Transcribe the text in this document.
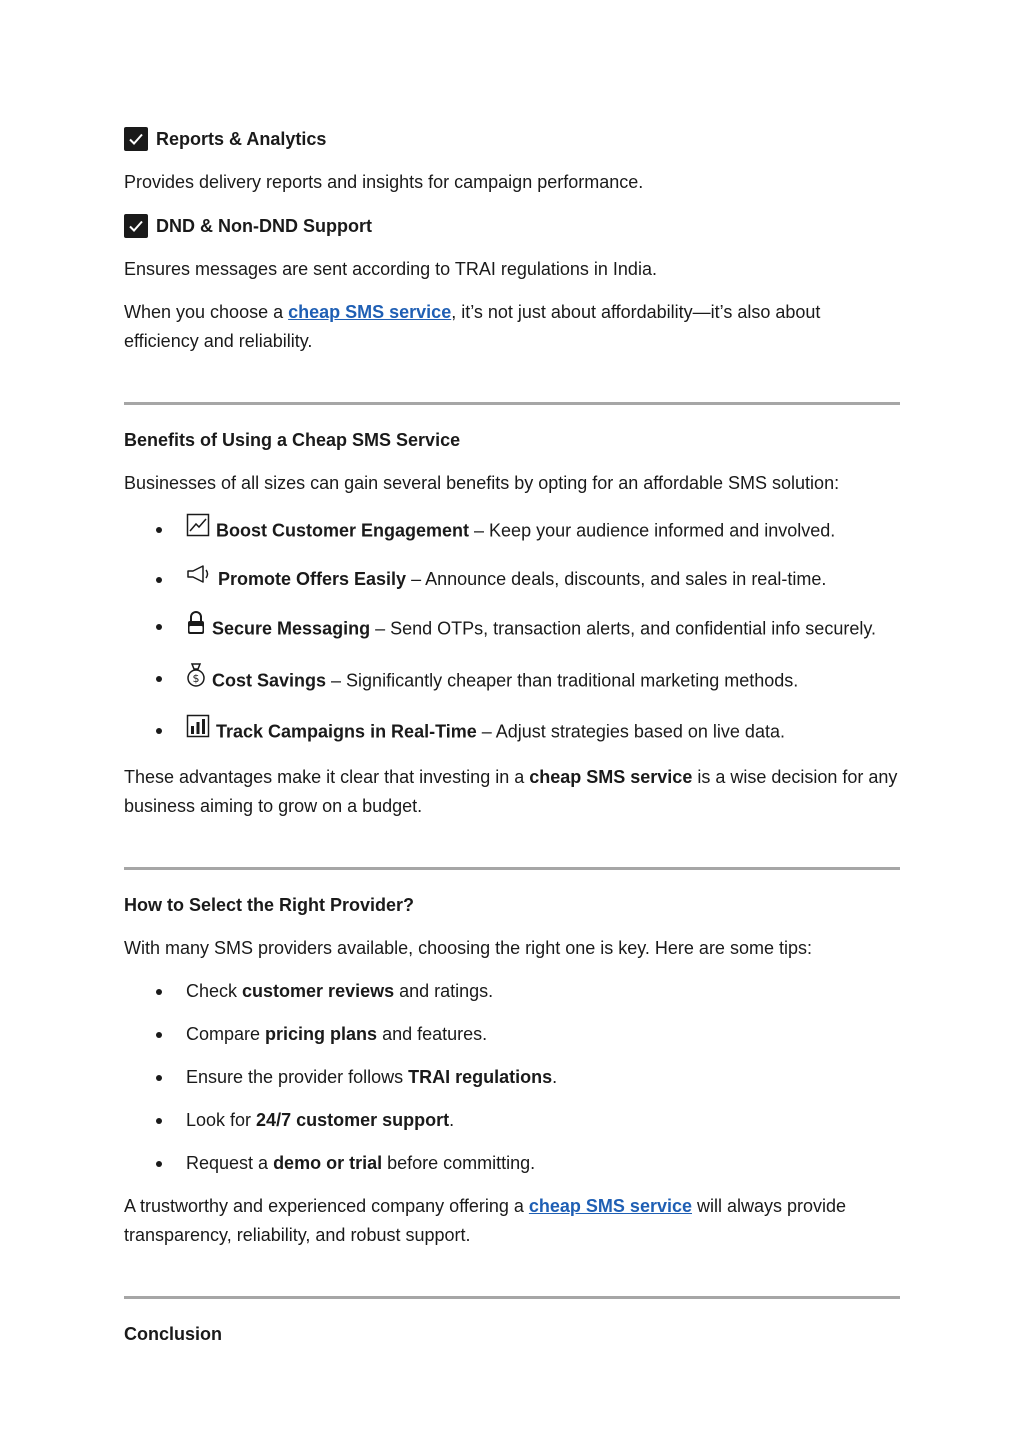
Reports & Analytics

Provides delivery reports and insights for campaign performance.

DND & Non-DND Support

Ensures messages are sent according to TRAI regulations in India.

When you choose a cheap SMS service, it’s not just about affordability—it’s also about efficiency and reliability.

Benefits of Using a Cheap SMS Service

Businesses of all sizes can gain several benefits by opting for an affordable SMS solution:

Boost Customer Engagement – Keep your audience informed and involved.
Promote Offers Easily – Announce deals, discounts, and sales in real-time.
Secure Messaging – Send OTPs, transaction alerts, and confidential info securely.
$ Cost Savings – Significantly cheaper than traditional marketing methods.
Track Campaigns in Real-Time – Adjust strategies based on live data.

These advantages make it clear that investing in a cheap SMS service is a wise decision for any business aiming to grow on a budget.

How to Select the Right Provider?

With many SMS providers available, choosing the right one is key. Here are some tips:

Check customer reviews and ratings.
Compare pricing plans and features.
Ensure the provider follows TRAI regulations.
Look for 24/7 customer support.
Request a demo or trial before committing.

A trustworthy and experienced company offering a cheap SMS service will always provide transparency, reliability, and robust support.

Conclusion
